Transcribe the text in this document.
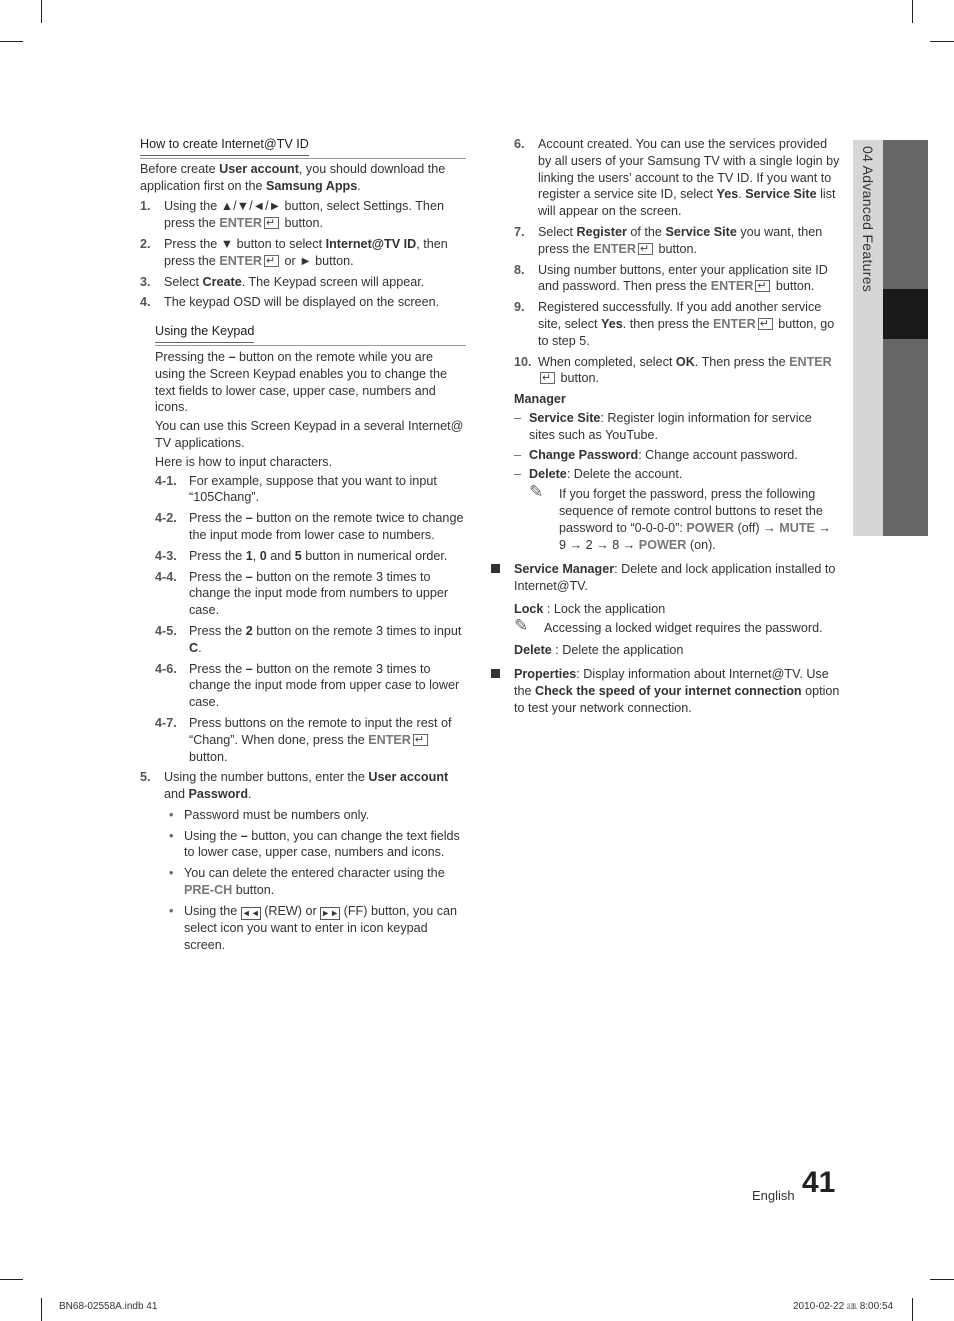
How to create Internet@TV ID
Before create User account, you should download the application first on the Samsung Apps.
1. Using the ▲/▼/◄/► button, select Settings. Then press the ENTER↵ button.
2. Press the ▼ button to select Internet@TV ID, then press the ENTER↵ or ► button.
3. Select Create. The Keypad screen will appear.
4. The keypad OSD will be displayed on the screen.
Using the Keypad

Pressing the – button on the remote while you are using the Screen Keypad enables you to change the text fields to lower case, upper case, numbers and icons.

You can use this Screen Keypad in a several Internet@ TV applications.

Here is how to input characters.

4-1. For example, suppose that you want to input “105Chang”.
4-2. Press the – button on the remote twice to change the input mode from lower case to numbers.
4-3. Press the 1, 0 and 5 button in numerical order.
4-4. Press the – button on the remote 3 times to change the input mode from numbers to upper case.
4-5. Press the 2 button on the remote 3 times to input C.
4-6. Press the – button on the remote 3 times to change the input mode from upper case to lower case.
4-7. Press buttons on the remote to input the rest of “Chang”. When done, press the ENTER↵ button.
5. Using the number buttons, enter the User account and Password.
• Password must be numbers only.
• Using the – button, you can change the text fields to lower case, upper case, numbers and icons.
• You can delete the entered character using the PRE-CH button.
• Using the ◄◄ (REW) or ►► (FF) button, you can select icon you want to enter in icon keypad screen.
6. Account created. You can use the services provided by all users of your Samsung TV with a single login by linking the users’ account to the TV ID. If you want to register a service site ID, select Yes. Service Site list will appear on the screen.
7. Select Register of the Service Site you want, then press the ENTER↵ button.
8. Using number buttons, enter your application site ID and password. Then press the ENTER↵ button.
9. Registered successfully. If you add another service site, select Yes. then press the ENTER↵ button, go to step 5.
10. When completed, select OK. Then press the ENTER↵ button.
Manager
– Service Site: Register login information for service sites such as YouTube.
– Change Password: Change account password.
– Delete: Delete the account.
✎ If you forget the password, press the following sequence of remote control buttons to reset the password to “0-0-0-0”: POWER (off) → MUTE → 9 → 2 → 8 → POWER (on).
Service Manager: Delete and lock application installed to Internet@TV.
Lock : Lock the application
✎ Accessing a locked widget requires the password.
Delete : Delete the application
Properties: Display information about Internet@TV. Use the Check the speed of your internet connection option to test your network connection.
04 Advanced Features
English 41
BN68-02558A.indb 41	2010-02-22 ㏂ 8:00:54
